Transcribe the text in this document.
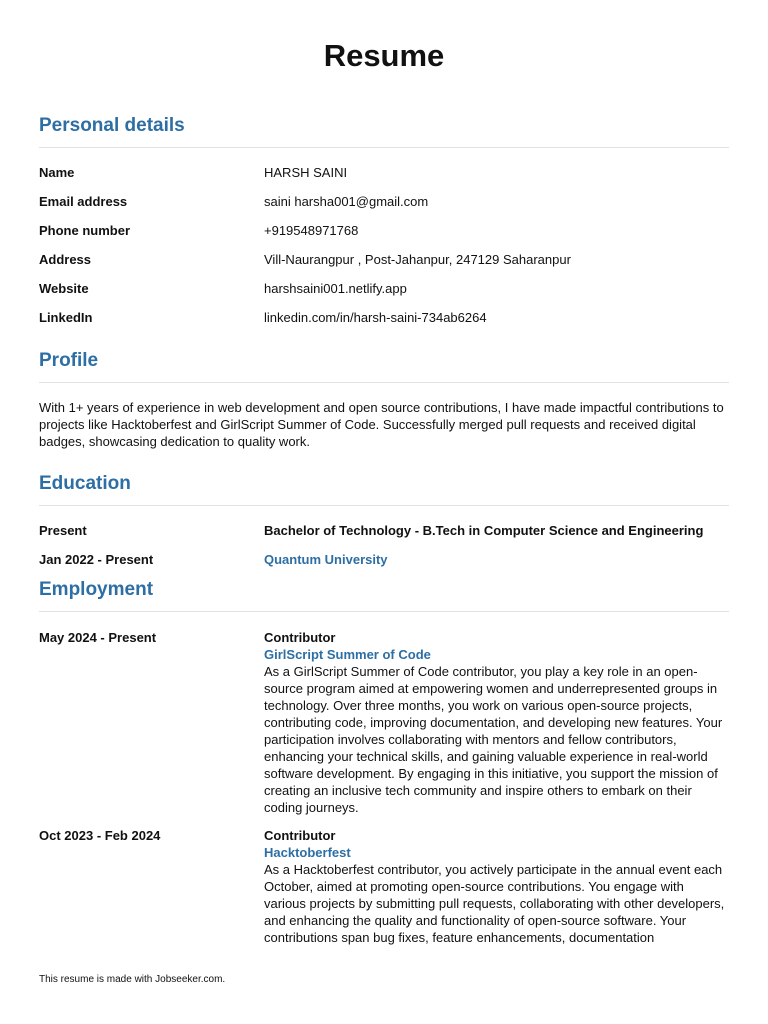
Resume
Personal details
Name	HARSH SAINI
Email address	saini harsha001@gmail.com
Phone number	+919548971768
Address	Vill-Naurangpur , Post-Jahanpur, 247129 Saharanpur
Website	harshsaini001.netlify.app
LinkedIn	linkedin.com/in/harsh-saini-734ab6264
Profile

With 1+ years of experience in web development and open source contributions, I have made impactful contributions to projects like Hacktoberfest and GirlScript Summer of Code. Successfully merged pull requests and received digital badges, showcasing dedication to quality work.

Education
Present	Bachelor of Technology - B.Tech in Computer Science and Engineering
Jan 2022 - Present	Quantum University
Employment
May 2024 - Present	Contributor
GirlScript Summer of Code

As a GirlScript Summer of Code contributor, you play a key role in an open-source program aimed at empowering women and underrepresented groups in technology. Over three months, you work on various open-source projects, contributing code, improving documentation, and developing new features. Your participation involves collaborating with mentors and fellow contributors, enhancing your technical skills, and gaining valuable experience in real-world software development. By engaging in this initiative, you support the mission of creating an inclusive tech community and inspire others to embark on their coding journeys.

Oct 2023 - Feb 2024	Contributor
Hacktoberfest

As a Hacktoberfest contributor, you actively participate in the annual event each October, aimed at promoting open-source contributions. You engage with various projects by submitting pull requests, collaborating with other developers, and enhancing the quality and functionality of open-source software. Your contributions span bug fixes, feature enhancements, documentation

This resume is made with Jobseeker.com.
